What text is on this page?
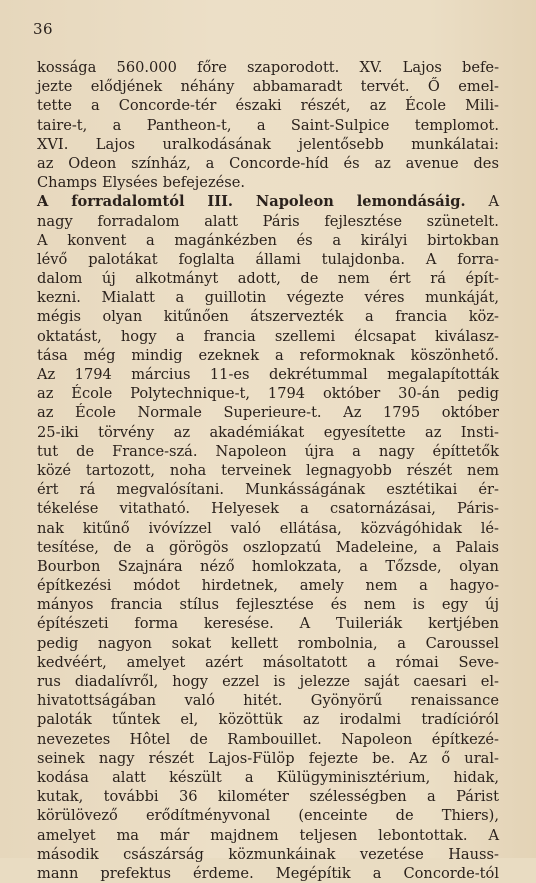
36
kossága 560.000 főre szaporodott. XV. Lajos befe-
jezte elődjének néhány abbamaradt tervét. Ő emel-
tette a Concorde-tér északi részét, az École Mili-
taire-t, a Pantheon-t, a Saint-Sulpice templomot.
XVI. Lajos uralkodásának jelentősebb munkálatai:
az Odeon színház, a Concorde-híd és az avenue des
Champs Elysées befejezése.
A forradalomtól III. Napoleon lemondásáig. A
nagy forradalom alatt Páris fejlesztése szünetelt.
A konvent a magánkézben és a királyi birtokban
lévő palotákat foglalta állami tulajdonba. A forra-
dalom új alkotmányt adott, de nem ért rá épít-
kezni. Mialatt a guillotin végezte véres munkáját,
mégis olyan kitűnően átszervezték a francia köz-
oktatást, hogy a francia szellemi élcsapat kiválasz-
tása még mindig ezeknek a reformoknak köszönhető.
Az 1794 március 11-es dekrétummal megalapították
az École Polytechnique-t, 1794 október 30-án pedig
az École Normale Superieure-t. Az 1795 október
25-iki törvény az akadémiákat egyesítette az Insti-
tut de France-szá. Napoleon újra a nagy építtetők
közé tartozott, noha terveinek legnagyobb részét nem
ért rá megvalósítani. Munkásságának esztétikai ér-
tékelése vitatható. Helyesek a csatornázásai, Páris-
nak kitűnő ivóvízzel való ellátása, közvágóhidak lé-
tesítése, de a görögös oszlopzatú Madeleine, a Palais
Bourbon Szajnára néző homlokzata, a Tőzsde, olyan
építkezési módot hirdetnek, amely nem a hagyo-
mányos francia stílus fejlesztése és nem is egy új
építészeti forma keresése. A Tuileriák kertjében
pedig nagyon sokat kellett rombolnia, a Caroussel
kedvéért, amelyet azért másoltatott a római Seve-
rus diadalívről, hogy ezzel is jelezze saját caesari el-
hivatottságában való hitét. Gyönyörű renaissance
paloták tűntek el, közöttük az irodalmi tradícióról
nevezetes Hôtel de Rambouillet. Napoleon építkezé-
seinek nagy részét Lajos-Fülöp fejezte be. Az ő ural-
kodása alatt készült a Külügyminisztérium, hidak,
kutak, további 36 kilométer szélességben a Párist
körülövező erődítményvonal (enceinte de Thiers),
amelyet ma már majdnem teljesen lebontottak. A
második császárság közmunkáinak vezetése Hauss-
mann prefektus érdeme. Megépítik a Concorde-tól
